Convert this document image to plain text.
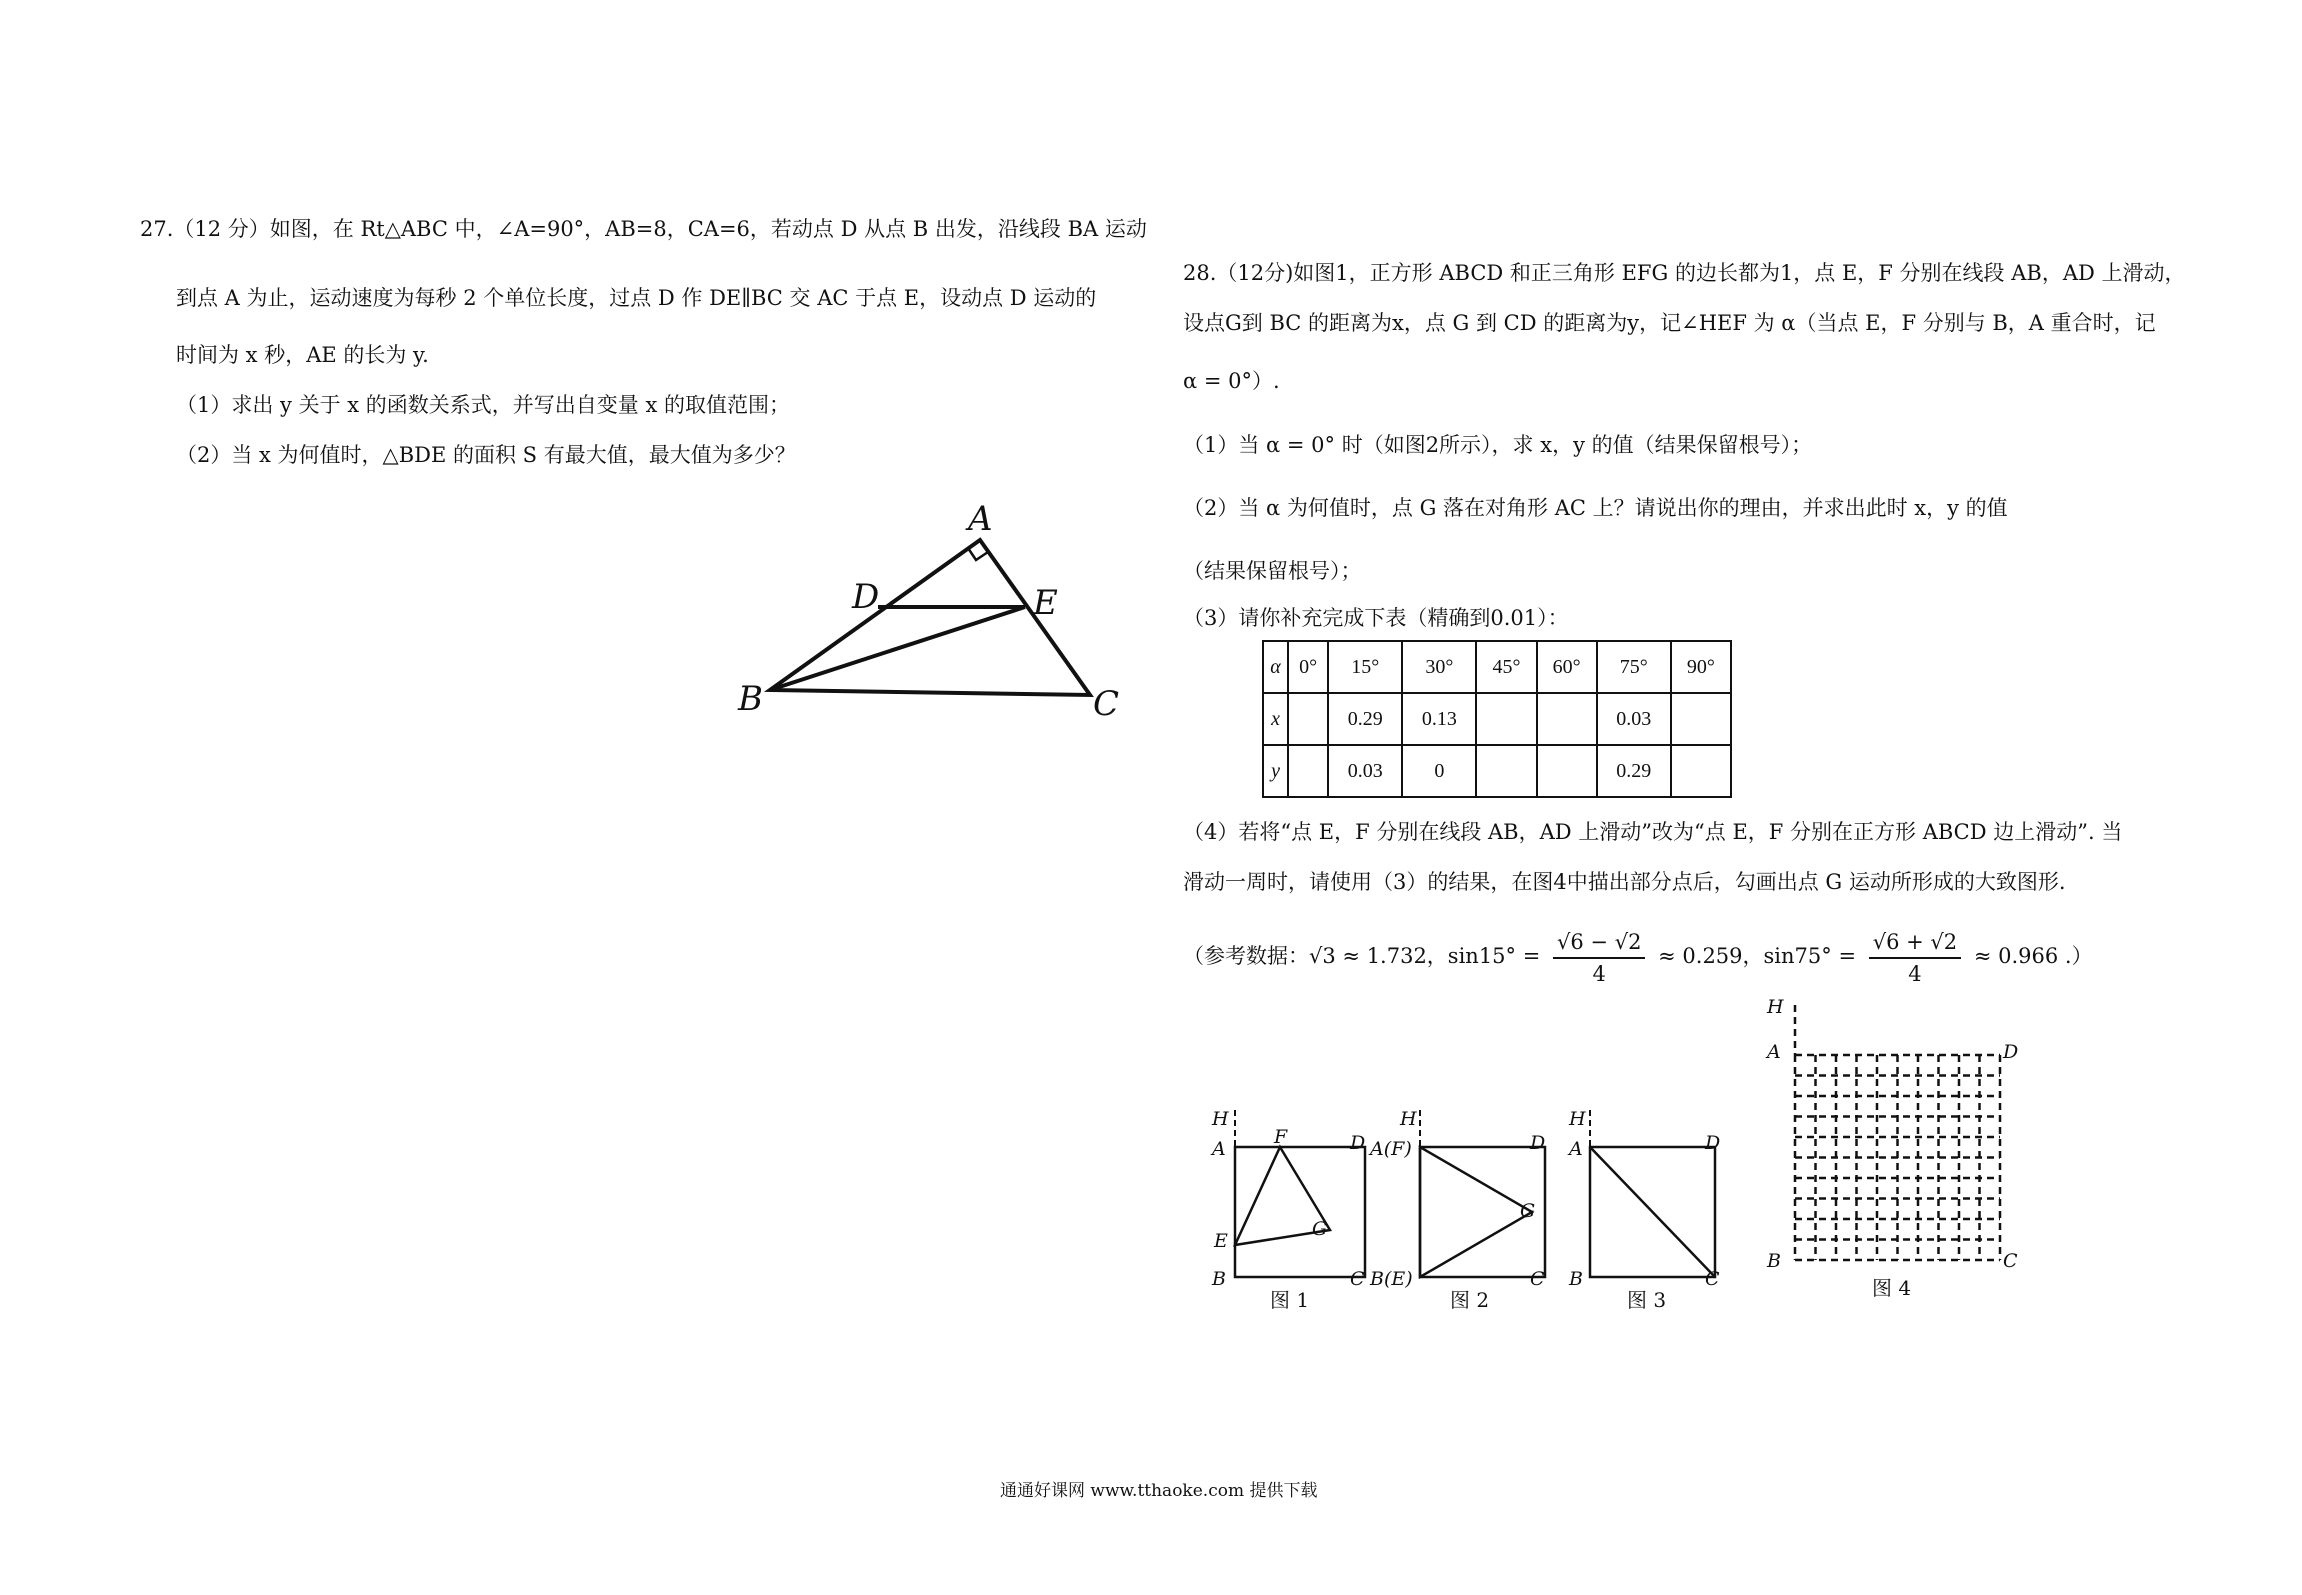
27.（12 分）如图，在 Rt△ABC 中，∠A=90°，AB=8，CA=6，若动点 D 从点 B 出发，沿线段 BA 运动
到点 A 为止，运动速度为每秒 2 个单位长度，过点 D 作 DE∥BC 交 AC 于点 E，设动点 D 运动的
时间为 x 秒，AE 的长为 y.
（1）求出 y 关于 x 的函数关系式，并写出自变量 x 的取值范围；
（2）当 x 为何值时，△BDE 的面积 S 有最大值，最大值为多少？
A
D	E
B	C
28.（12分)如图1，正方形 ABCD 和正三角形 EFG 的边长都为1，点 E，F 分别在线段 AB，AD 上滑动，
设点G到 BC 的距离为x，点 G 到 CD 的距离为y，记∠HEF 为 α（当点 E，F 分别与 B，A 重合时，记
α = 0°）.
（1）当 α = 0° 时（如图2所示），求 x，y 的值（结果保留根号）；
（2）当 α 为何值时，点 G 落在对角形 AC 上？请说出你的理由，并求出此时 x，y 的值
（结果保留根号）；
（3）请你补充完成下表（精确到0.01）：
α	0°	15°	30°	45°	60°	75°	90°
x		0.29	0.13			0.03	
y		0.03	0			0.29	
（4）若将“点 E，F 分别在线段 AB，AD 上滑动”改为“点 E，F 分别在正方形 ABCD 边上滑动”. 当
滑动一周时，请使用（3）的结果，在图4中描出部分点后，勾画出点 G 运动所形成的大致图形.
（参考数据：√3 ≈ 1.732，$\sin 15^\circ = \frac{√6 - √2}{4} \approx 0.259$，$\sin 75^\circ = \frac{√6 + √2}{4} \approx 0.966$ .）
H
A
F	D
E
G
B	C
图 1
H
A(F)	D
G
B(E)	C
图 2
H
A	D
B	C
图 3
H
A	D
B	C
图 4
通通好课网 www.tthaoke.com 提供下载
